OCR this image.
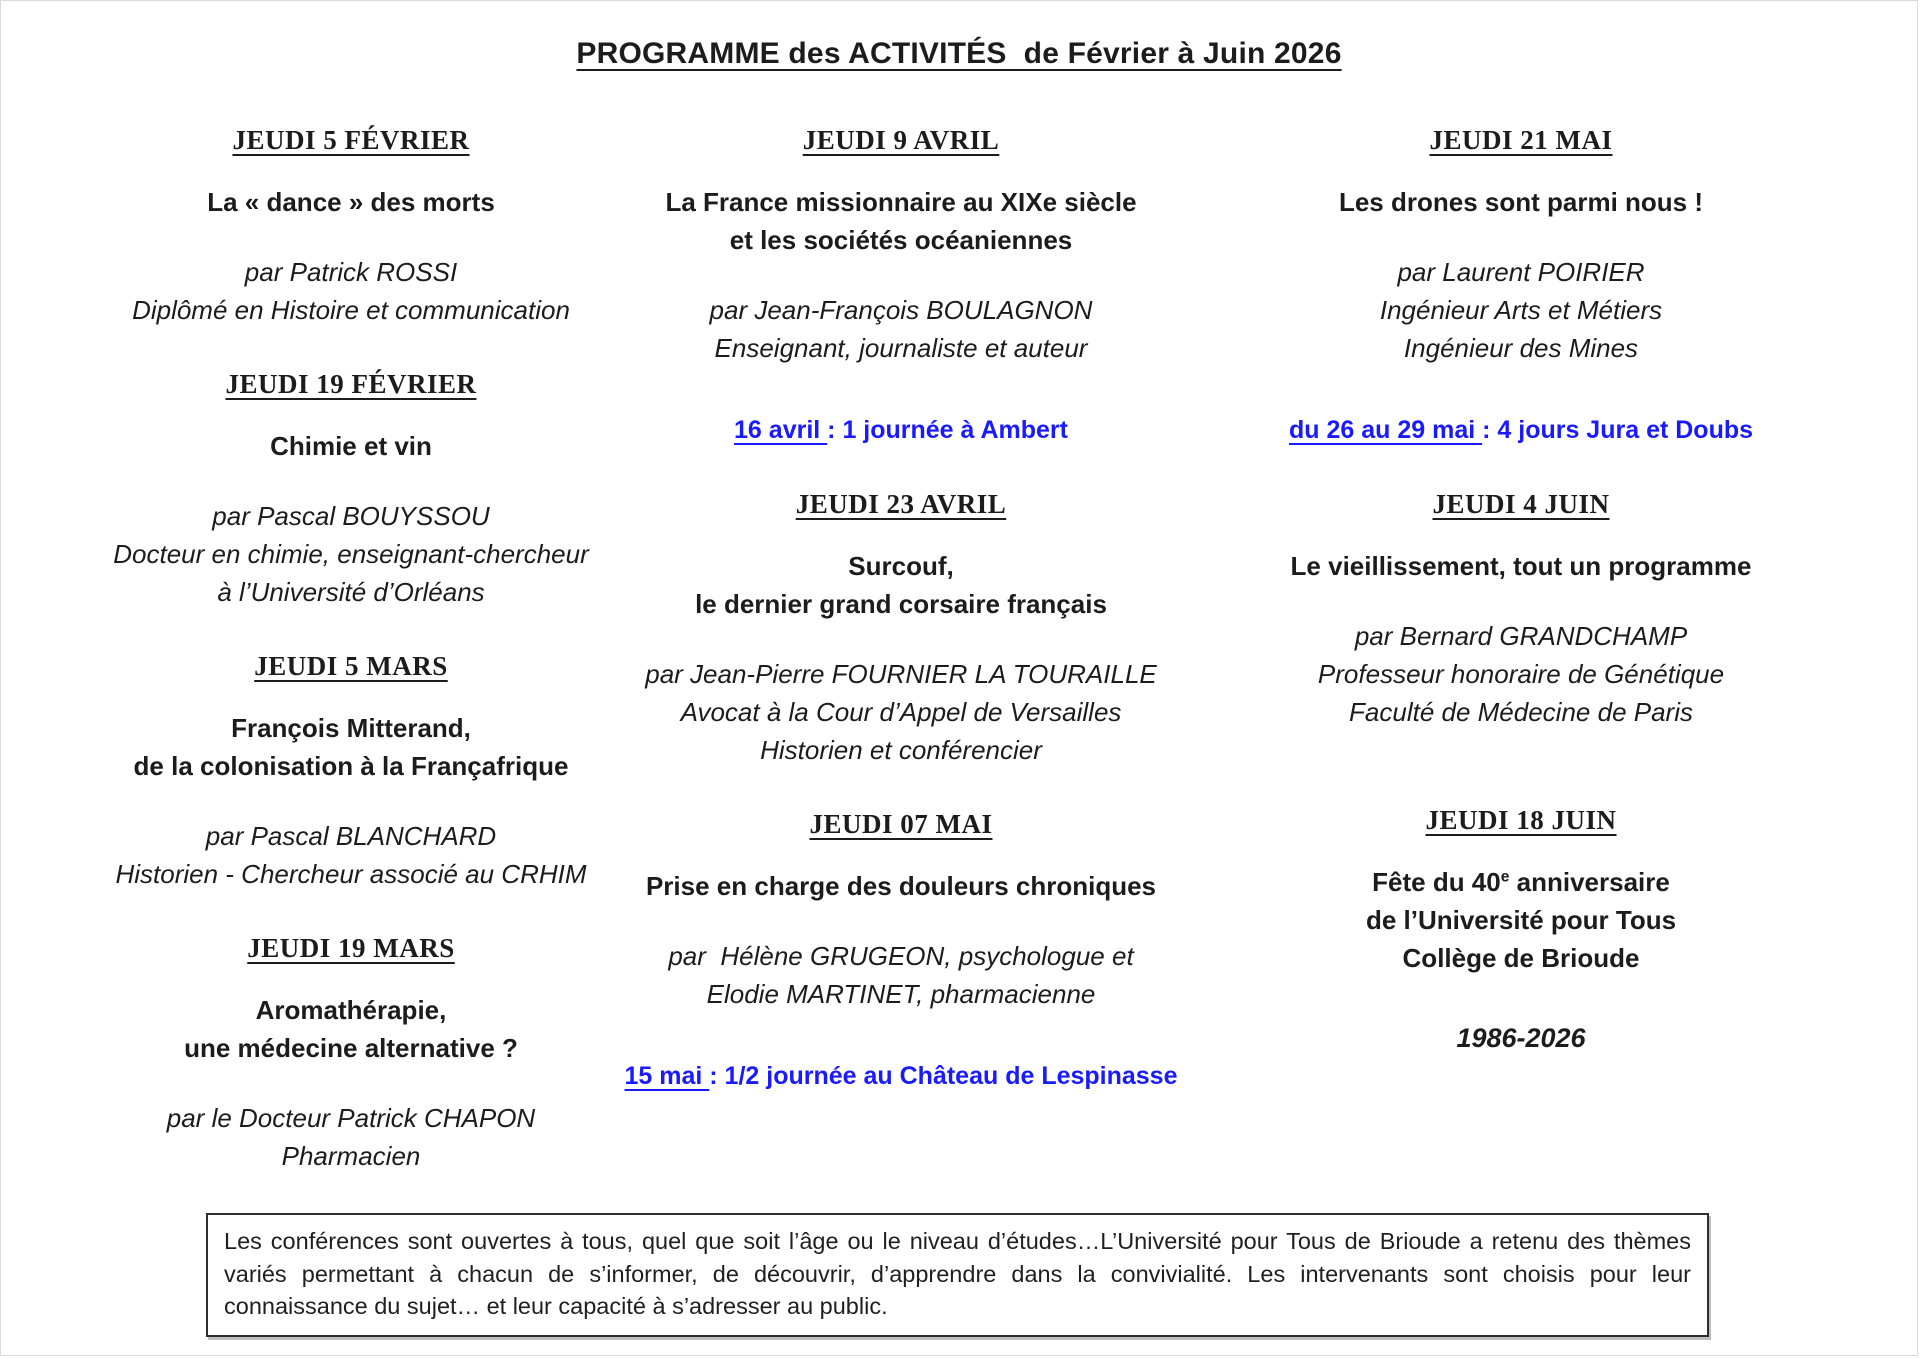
PROGRAMME des ACTIVITÉS  de Février à Juin 2026
JEUDI 5 FÉVRIER

La « dance » des morts

par Patrick ROSSI
Diplômé en Histoire et communication

JEUDI 19 FÉVRIER

Chimie et vin

par Pascal BOUYSSOU
Docteur en chimie, enseignant-chercheur
à l’Université d’Orléans

JEUDI 5 MARS

François Mitterand,
de la colonisation à la Françafrique

par Pascal BLANCHARD
Historien - Chercheur associé au CRHIM

JEUDI 19 MARS

Aromathérapie,
une médecine alternative ?

par le Docteur Patrick CHAPON
Pharmacien

JEUDI 9 AVRIL

La France missionnaire au XIXe siècle
et les sociétés océaniennes

par Jean-François BOULAGNON
Enseignant, journaliste et auteur

16 avril : 1 journée à Ambert

JEUDI 23 AVRIL

Surcouf,
le dernier grand corsaire français

par Jean-Pierre FOURNIER LA TOURAILLE
Avocat à la Cour d’Appel de Versailles
Historien et conférencier

JEUDI 07 MAI

Prise en charge des douleurs chroniques

par  Hélène GRUGEON, psychologue et
Elodie MARTINET, pharmacienne

15 mai : 1/2 journée au Château de Lespinasse

JEUDI 21 MAI

Les drones sont parmi nous !

par Laurent POIRIER
Ingénieur Arts et Métiers
Ingénieur des Mines

du 26 au 29 mai : 4 jours Jura et Doubs

JEUDI 4 JUIN

Le vieillissement, tout un programme

par Bernard GRANDCHAMP
Professeur honoraire de Génétique
Faculté de Médecine de Paris

JEUDI 18 JUIN

Fête du 40e anniversaire
de l’Université pour Tous
Collège de Brioude

1986-2026

Les conférences sont ouvertes à tous, quel que soit l’âge ou le niveau d’études…L’Université pour Tous de Brioude a retenu des thèmes variés permettant à chacun de s’informer, de découvrir, d’apprendre dans la convivialité. Les intervenants sont choisis pour leur connaissance du sujet… et leur capacité à s’adresser au public.
